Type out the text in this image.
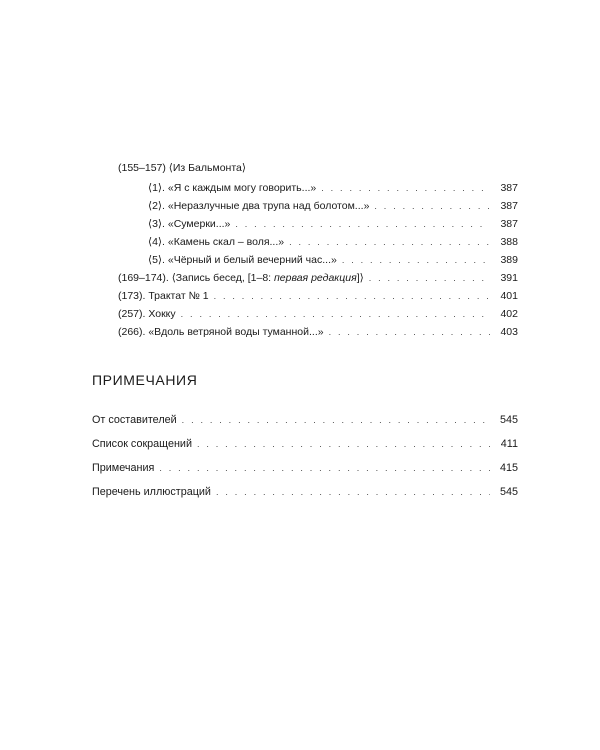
(155–157) ⟨Из Бальмонта⟩
⟨1⟩. «Я с каждым могу говорить...» . . .	387
⟨2⟩. «Неразлучные два трупа над болотом...» . . .	387
⟨3⟩. «Сумерки...» . . .	387
⟨4⟩. «Камень скал – воля...» . . .	388
⟨5⟩. «Чёрный и белый вечерний час...» . . .	389
(169–174). ⟨Запись бесед, [1–8: первая редакция]⟩ . . .	391
(173). Трактат № 1 . . .	401
(257). Хокку . . .	402
(266). «Вдоль ветряной воды туманной...» . . .	403
ПРИМЕЧАНИЯ
От составителей . . .	545
Список сокращений . . .	411
Примечания . . .	415
Перечень иллюстраций . . .	545
